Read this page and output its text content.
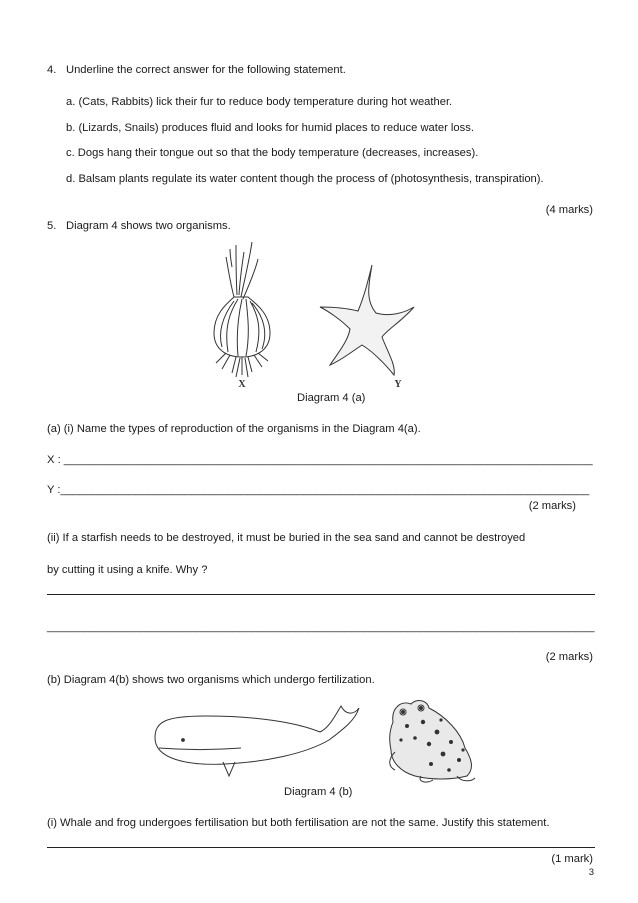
4. Underline the correct answer for the following statement.
a. (Cats, Rabbits) lick their fur to reduce body temperature during hot weather.
b. (Lizards, Snails) produces fluid and looks for humid places to reduce water loss.
c. Dogs hang their tongue out so that the body temperature (decreases, increases).
d. Balsam plants regulate its water content though the process of (photosynthesis, transpiration).
(4 marks)
5. Diagram 4 shows two organisms.
X	Y
Diagram 4 (a)
(a) (i) Name the types of reproduction of the organisms in the Diagram 4(a).
X : _____________________________________________________________________________________
Y :_____________________________________________________________________________________
(2 marks)
(ii) If a starfish needs to be destroyed, it must be buried in the sea sand and cannot be destroyed
by cutting it using a knife. Why ?
________________________________________________________________________________________
(2 marks)
(b) Diagram 4(b) shows two organisms which undergo fertilization.
Diagram 4 (b)
(i) Whale and frog undergoes fertilisation but both fertilisation are not the same. Justify this statement.
(1 mark)
3
